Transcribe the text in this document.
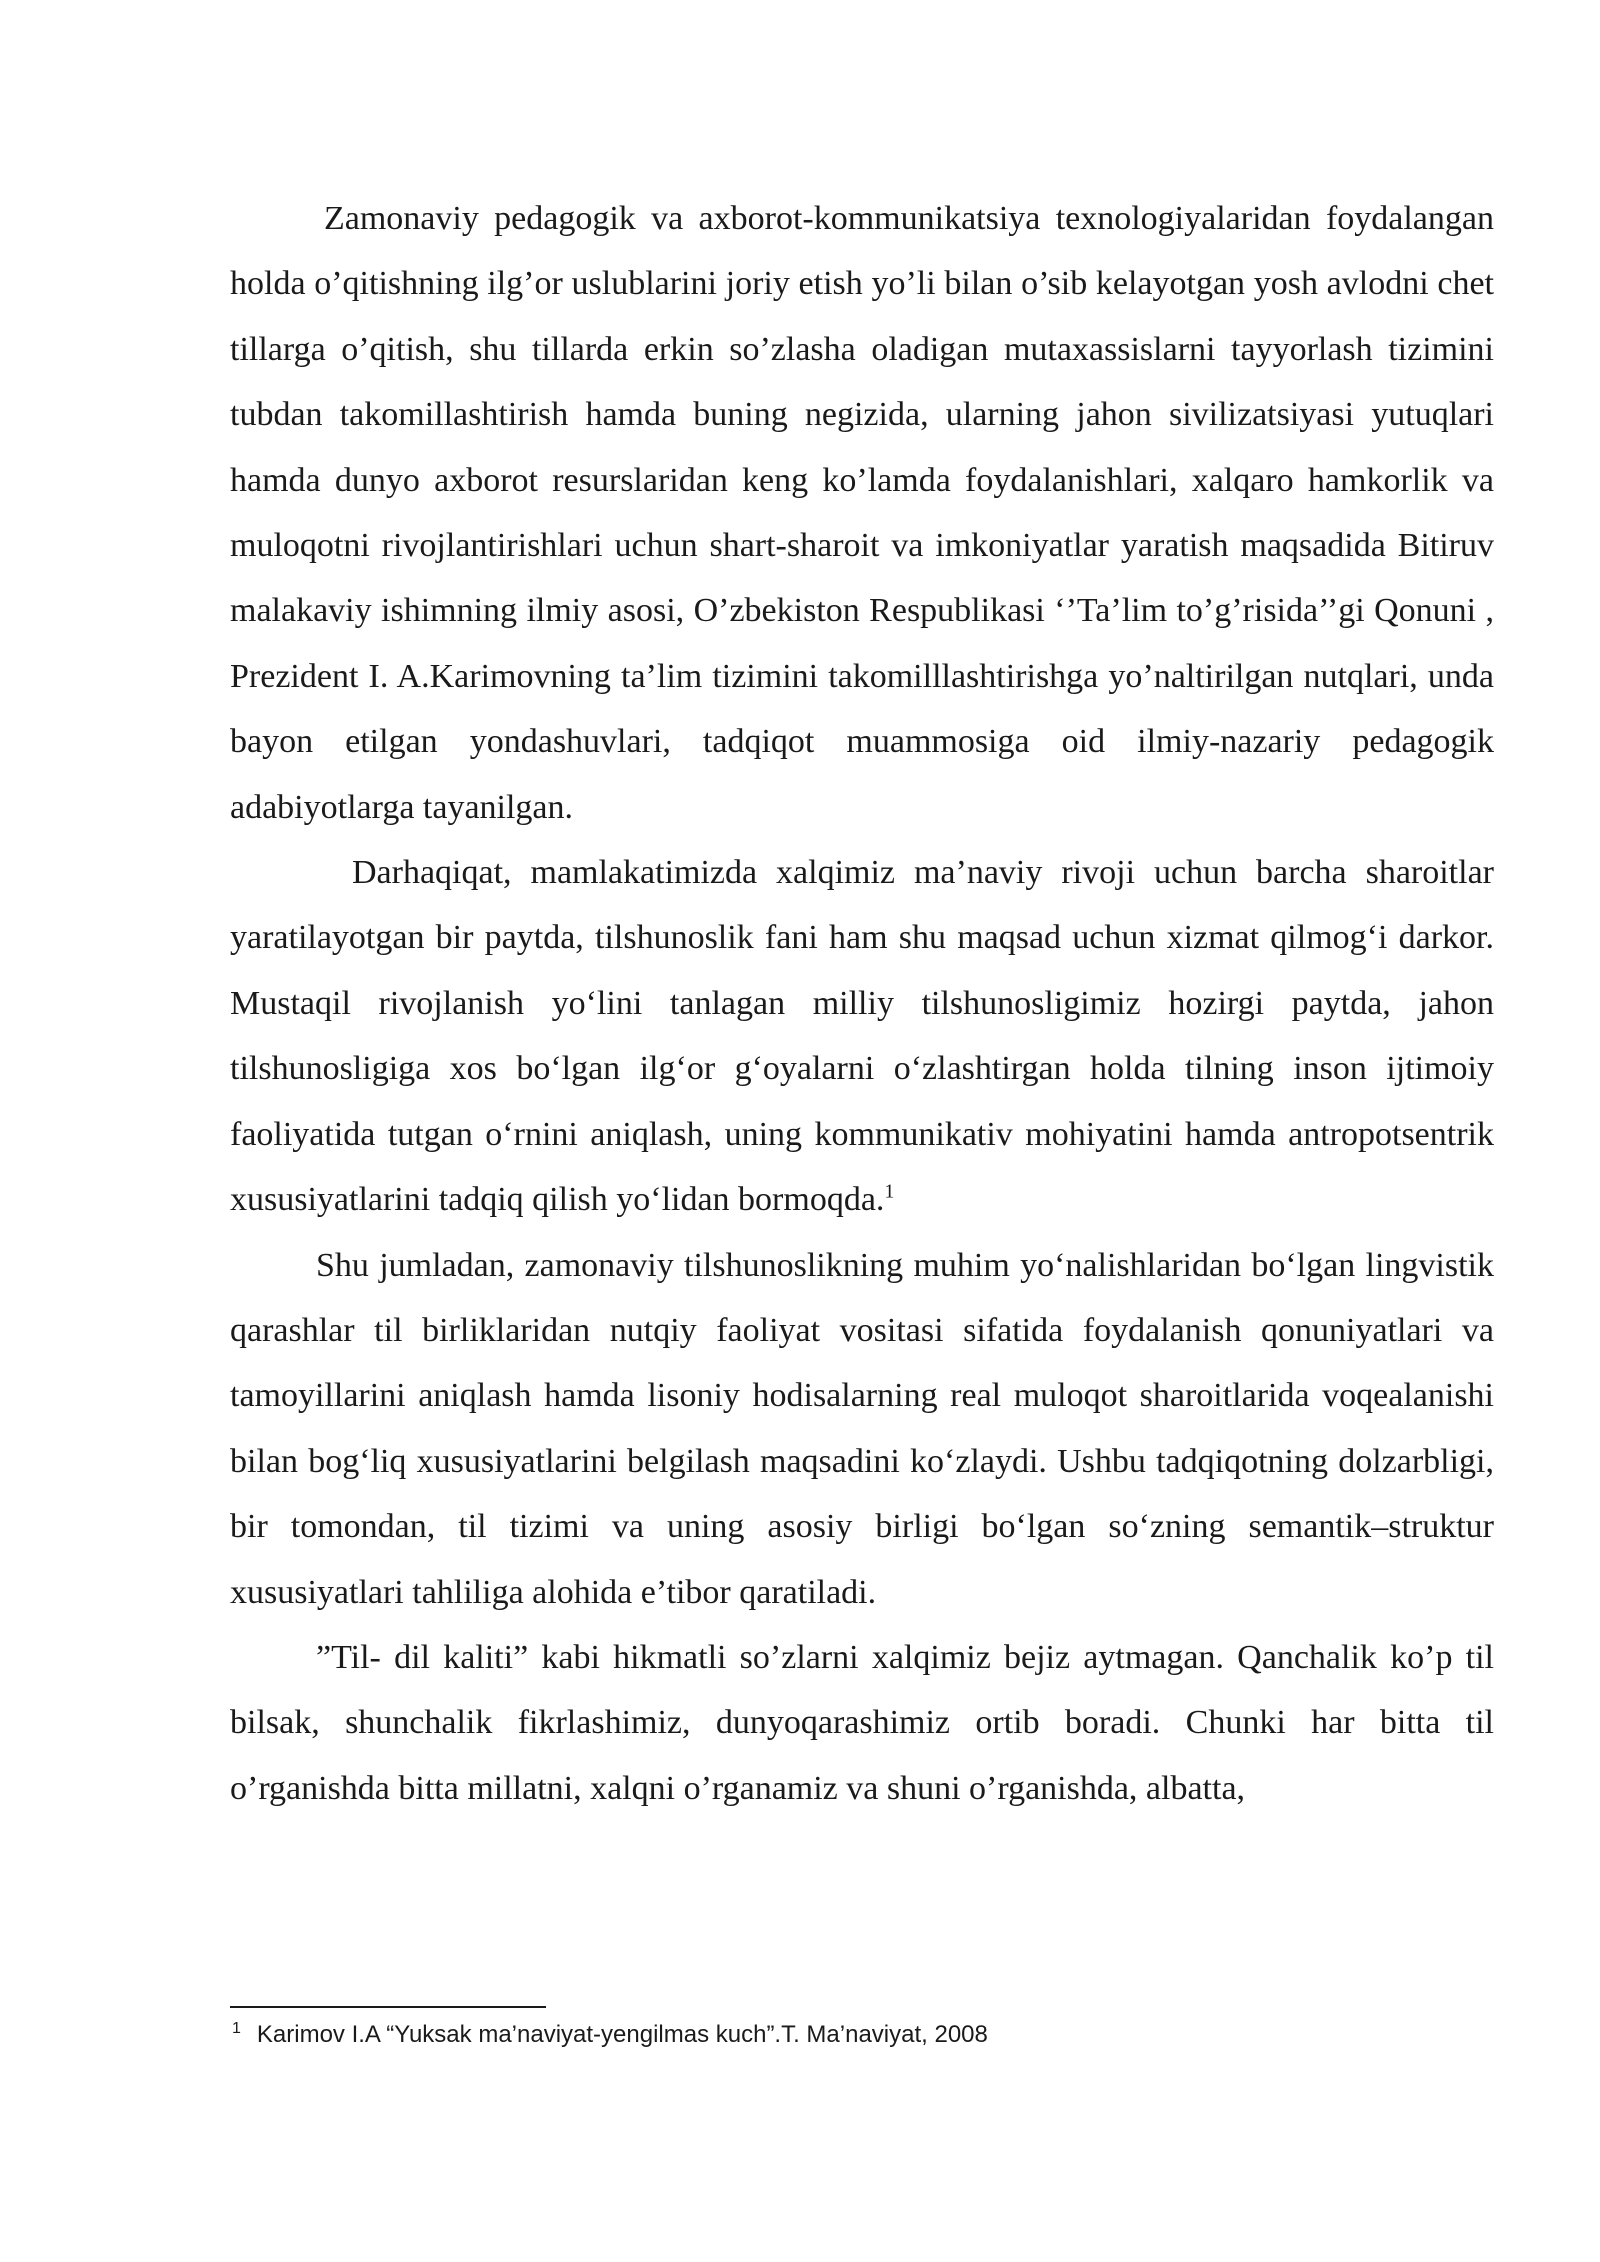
Zamonaviy pedagogik va axborot-kommunikatsiya texnologiyalaridan foydalangan holda o’qitishning ilg’or uslublarini joriy etish yo’li bilan o’sib kelayotgan yosh avlodni chet tillarga o’qitish, shu tillarda erkin so’zlasha oladigan mutaxassislarni tayyorlash tizimini tubdan takomillashtirish hamda buning negizida, ularning jahon sivilizatsiyasi yutuqlari hamda dunyo axborot resurslaridan keng ko’lamda foydalanishlari, xalqaro hamkorlik va muloqotni rivojlantirishlari uchun shart-sharoit va imkoniyatlar yaratish maqsadida Bitiruv malakaviy ishimning ilmiy asosi, O’zbekiston Respublikasi ‘’Ta’lim to’g’risida’’gi Qonuni , Prezident I. A.Karimovning ta’lim tizimini takomilllashtirishga yo’naltirilgan nutqlari, unda bayon etilgan yondashuvlari, tadqiqot muammosiga oid ilmiy-nazariy pedagogik adabiyotlarga tayanilgan.

Darhaqiqat, mamlakatimizda xalqimiz ma’naviy rivoji uchun barcha sharoitlar yaratilayotgan bir paytda, tilshunoslik fani ham shu maqsad uchun xizmat qilmog‘i darkor. Mustaqil rivojlanish yo‘lini tanlagan milliy tilshunosligimiz hozirgi paytda, jahon tilshunosligiga xos bo‘lgan ilg‘or g‘oyalarni o‘zlashtirgan holda tilning inson ijtimoiy faoliyatida tutgan o‘rnini aniqlash, uning kommunikativ mohiyatini hamda antropotsentrik xususiyatlarini tadqiq qilish yo‘lidan bormoqda.$^1$

Shu jumladan, zamonaviy tilshunoslikning muhim yo‘nalishlaridan bo‘lgan lingvistik qarashlar til birliklaridan nutqiy faoliyat vositasi sifatida foydalanish qonuniyatlari va tamoyillarini aniqlash hamda lisoniy hodisalarning real muloqot sharoitlarida voqealanishi bilan bog‘liq xususiyatlarini belgilash maqsadini ko‘zlaydi. Ushbu tadqiqotning dolzarbligi, bir tomondan, til tizimi va uning asosiy birligi bo‘lgan so‘zning semantik–struktur xususiyatlari tahliliga alohida e’tibor qaratiladi.

”Til- dil kaliti” kabi hikmatli so’zlarni xalqimiz bejiz aytmagan. Qanchalik ko’p til bilsak, shunchalik fikrlashimiz, dunyoqarashimiz ortib boradi. Chunki har bitta til o’rganishda bitta millatni, xalqni o’rganamiz va shuni o’rganishda, albatta,

$^1$ Karimov I.A “Yuksak ma’naviyat-yengilmas kuch”.T. Ma’naviyat, 2008
